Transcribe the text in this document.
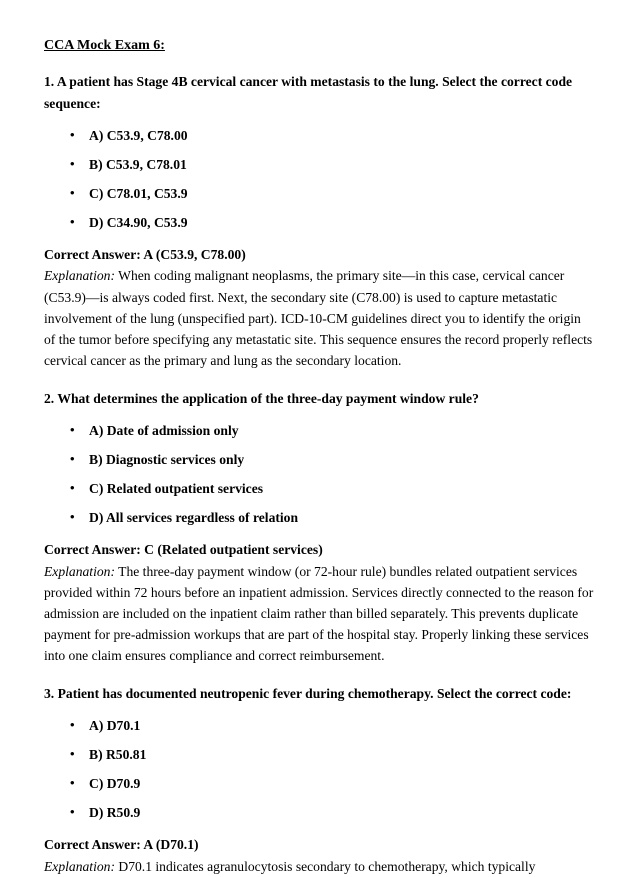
CCA Mock Exam 6:

1. A patient has Stage 4B cervical cancer with metastasis to the lung. Select the correct code sequence:

• A) C53.9, C78.00
• B) C53.9, C78.01
• C) C78.01, C53.9
• D) C34.90, C53.9

Correct Answer: A (C53.9, C78.00)

Explanation: When coding malignant neoplasms, the primary site—in this case, cervical cancer (C53.9)—is always coded first. Next, the secondary site (C78.00) is used to capture metastatic involvement of the lung (unspecified part). ICD-10-CM guidelines direct you to identify the origin of the tumor before specifying any metastatic site. This sequence ensures the record properly reflects cervical cancer as the primary and lung as the secondary location.

2. What determines the application of the three-day payment window rule?

• A) Date of admission only
• B) Diagnostic services only
• C) Related outpatient services
• D) All services regardless of relation

Correct Answer: C (Related outpatient services)

Explanation: The three-day payment window (or 72-hour rule) bundles related outpatient services provided within 72 hours before an inpatient admission. Services directly connected to the reason for admission are included on the inpatient claim rather than billed separately. This prevents duplicate payment for pre-admission workups that are part of the hospital stay. Properly linking these services into one claim ensures compliance and correct reimbursement.

3. Patient has documented neutropenic fever during chemotherapy. Select the correct code:

• A) D70.1
• B) R50.81
• C) D70.9
• D) R50.9

Correct Answer: A (D70.1)

Explanation: D70.1 indicates agranulocytosis secondary to chemotherapy, which typically
